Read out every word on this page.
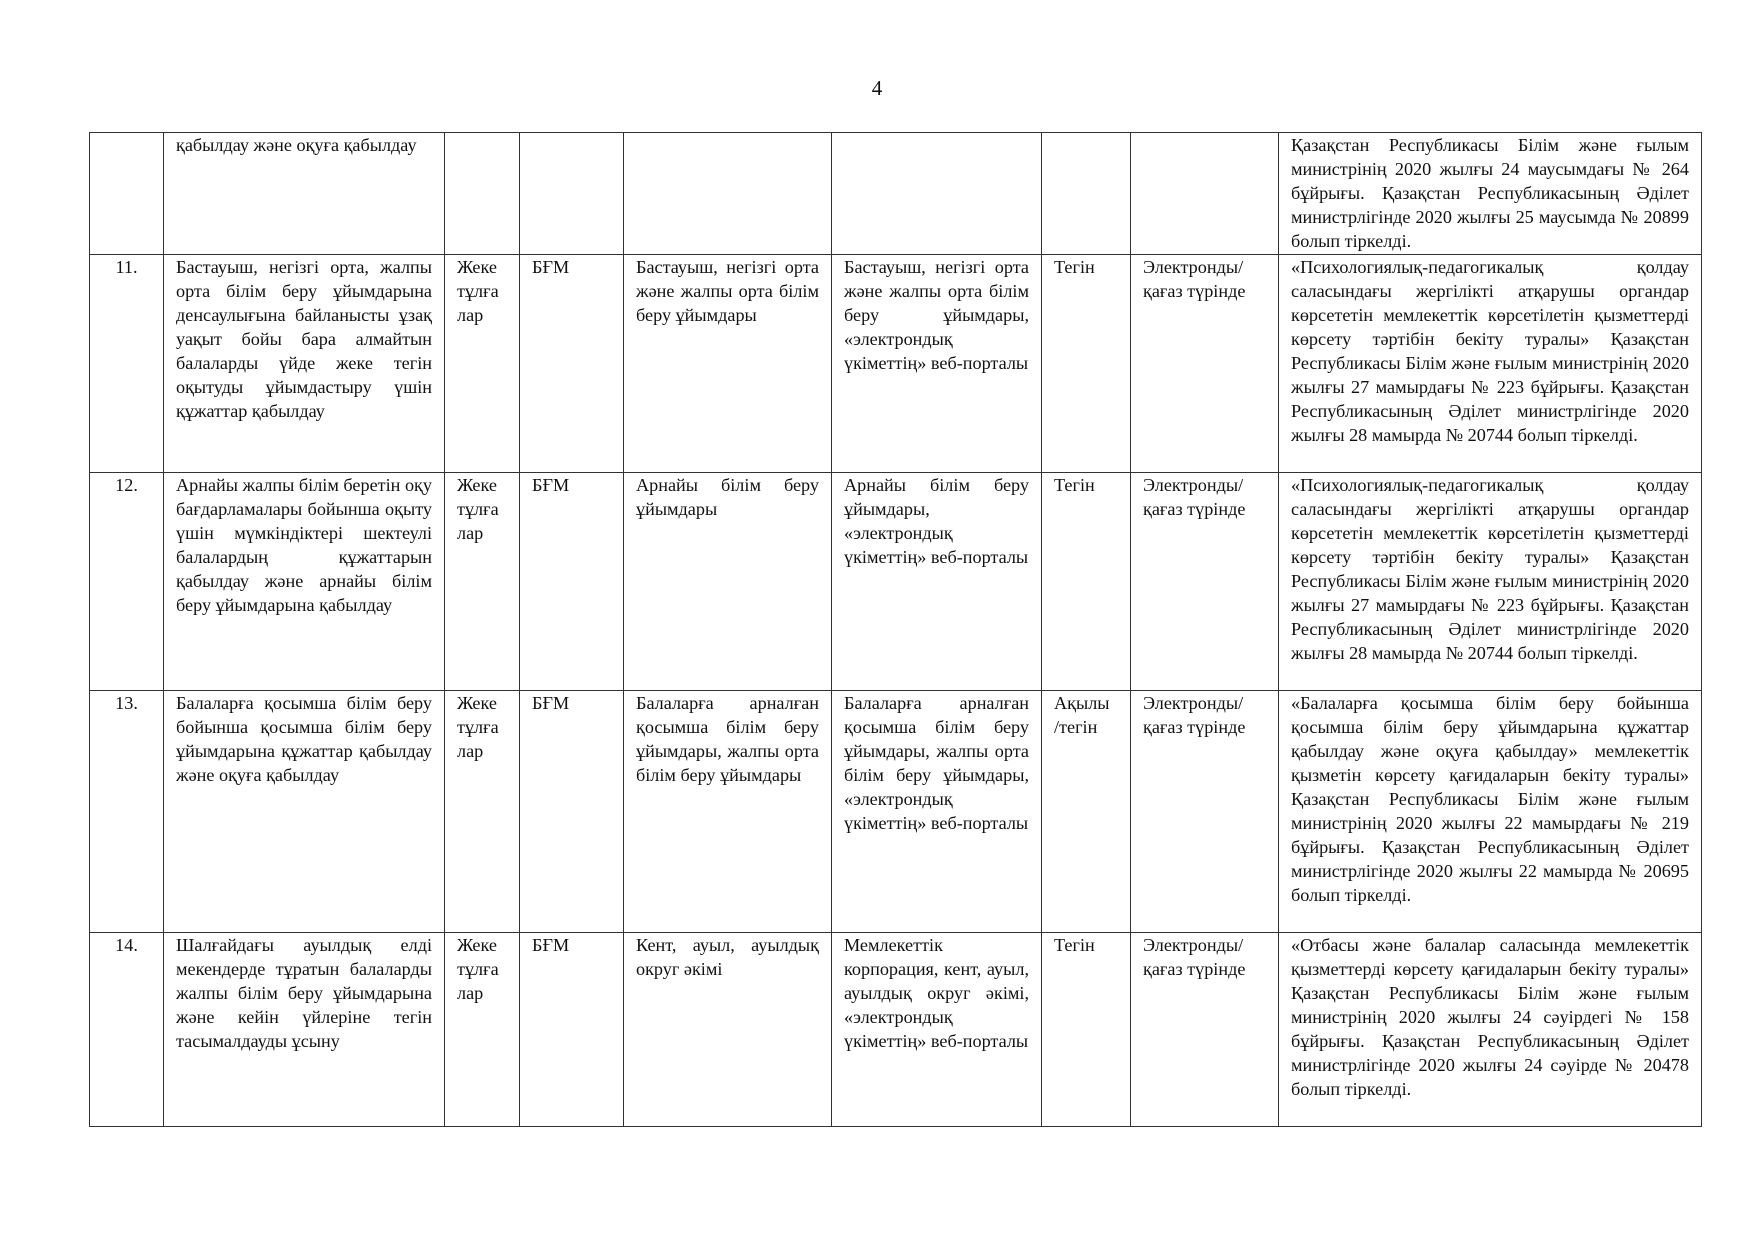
4
	қабылдау және оқуға қабылдау							Қазақстан Республикасы Білім және ғылым министрінің 2020 жылғы 24 маусымдағы № 264 бұйрығы. Қазақстан Республикасының Әділет министрлігінде 2020 жылғы 25 маусымда № 20899 болып тіркелді.
11.	Бастауыш, негізгі орта, жалпы орта білім беру ұйымдарына денсаулығына байланысты ұзақ уақыт бойы бара алмайтын балаларды үйде жеке тегін оқытуды ұйымдастыру үшін құжаттар қабылдау	Жеке тұлға лар	БҒМ	Бастауыш, негізгі орта және жалпы орта білім беру ұйымдары	Бастауыш, негізгі орта және жалпы орта білім беру ұйымдары, «электрондық үкіметтің» веб-порталы	Тегін	Электронды/ қағаз түрінде	«Психологиялық-педагогикалық қолдау саласындағы жергілікті атқарушы органдар көрсететін мемлекеттік көрсетілетін қызметтерді көрсету тәртібін бекіту туралы» Қазақстан Республикасы Білім және ғылым министрінің 2020 жылғы 27 мамырдағы № 223 бұйрығы. Қазақстан Республикасының Әділет министрлігінде 2020 жылғы 28 мамырда № 20744 болып тіркелді.
12.	Арнайы жалпы білім беретін оқу бағдарламалары бойынша оқыту үшін мүмкіндіктері шектеулі балалардың құжаттарын қабылдау және арнайы білім беру ұйымдарына қабылдау	Жеке тұлға лар	БҒМ	Арнайы білім беру ұйымдары	Арнайы білім беру ұйымдары, «электрондық үкіметтің» веб-порталы	Тегін	Электронды/ қағаз түрінде	«Психологиялық-педагогикалық қолдау саласындағы жергілікті атқарушы органдар көрсететін мемлекеттік көрсетілетін қызметтерді көрсету тәртібін бекіту туралы» Қазақстан Республикасы Білім және ғылым министрінің 2020 жылғы 27 мамырдағы № 223 бұйрығы. Қазақстан Республикасының Әділет министрлігінде 2020 жылғы 28 мамырда № 20744 болып тіркелді.
13.	Балаларға қосымша білім беру бойынша қосымша білім беру ұйымдарына құжаттар қабылдау және оқуға қабылдау	Жеке тұлға лар	БҒМ	Балаларға арналған қосымша білім беру ұйымдары, жалпы орта білім беру ұйымдары	Балаларға арналған қосымша білім беру ұйымдары, жалпы орта білім беру ұйымдары, «электрондық үкіметтің» веб-порталы	Ақылы /тегін	Электронды/ қағаз түрінде	«Балаларға қосымша білім беру бойынша қосымша білім беру ұйымдарына құжаттар қабылдау және оқуға қабылдау» мемлекеттік қызметін көрсету қағидаларын бекіту туралы» Қазақстан Республикасы Білім және ғылым министрінің 2020 жылғы 22 мамырдағы № 219 бұйрығы. Қазақстан Республикасының Әділет министрлігінде 2020 жылғы 22 мамырда № 20695 болып тіркелді.
14.	Шалғайдағы ауылдық елді мекендерде тұратын балаларды жалпы білім беру ұйымдарына және кейін үйлеріне тегін тасымалдауды ұсыну	Жеке тұлға лар	БҒМ	Кент, ауыл, ауылдық округ әкімі	Мемлекеттік корпорация, кент, ауыл, ауылдық округ әкімі, «электрондық үкіметтің» веб-порталы	Тегін	Электронды/ қағаз түрінде	«Отбасы және балалар саласында мемлекеттік қызметтерді көрсету қағидаларын бекіту туралы» Қазақстан Республикасы Білім және ғылым министрінің 2020 жылғы 24 сәуірдегі № 158 бұйрығы. Қазақстан Республикасының Әділет министрлігінде 2020 жылғы 24 сәуірде № 20478 болып тіркелді.
